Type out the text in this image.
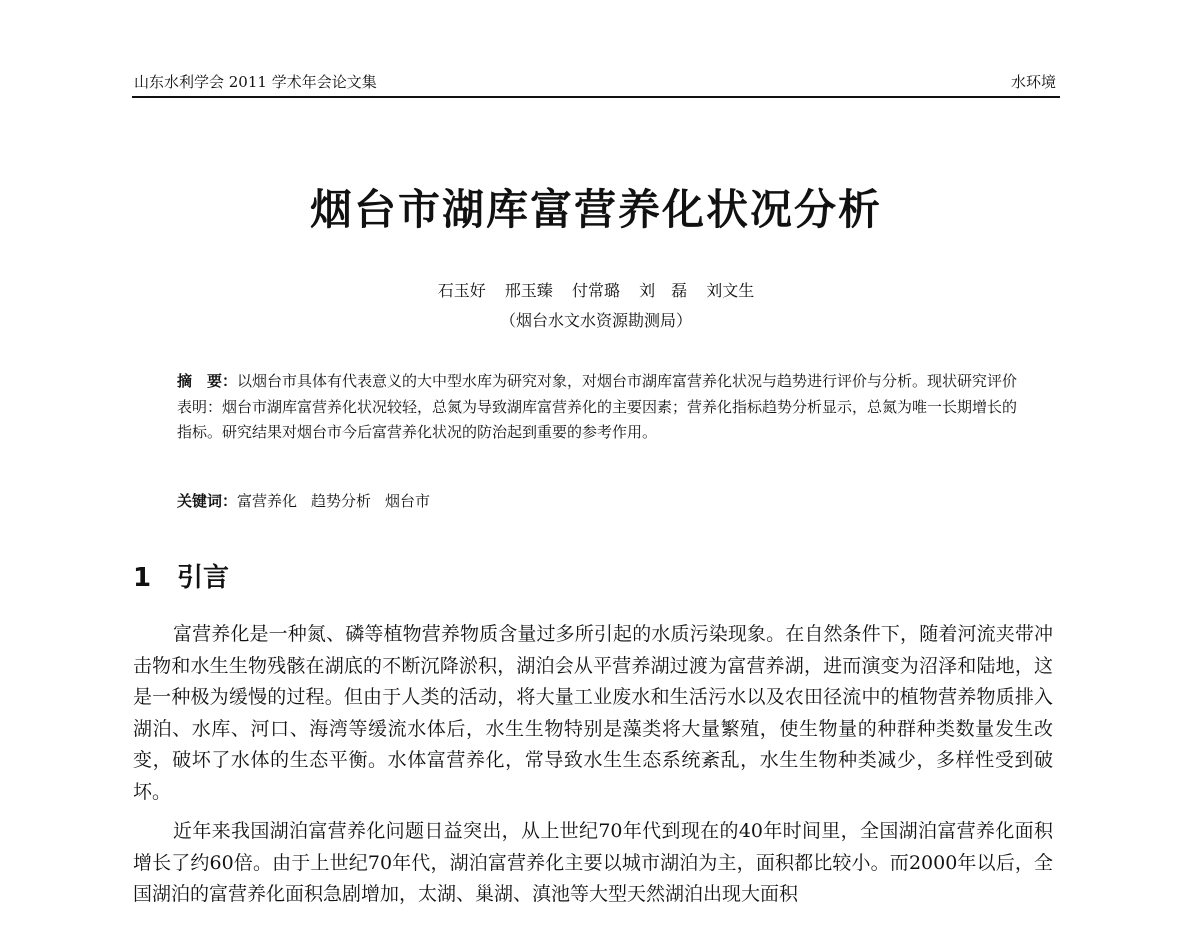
山东水利学会 2011 学术年会论文集	水环境
烟台市湖库富营养化状况分析
石玉好 邢玉臻 付常璐 刘　磊 刘文生
（烟台水文水资源勘测局）
摘　要：以烟台市具体有代表意义的大中型水库为研究对象，对烟台市湖库富营养化状况与趋势进行评价与分析。现状研究评价表明：烟台市湖库富营养化状况较轻，总氮为导致湖库富营养化的主要因素；营养化指标趋势分析显示，总氮为唯一长期增长的指标。研究结果对烟台市今后富营养化状况的防治起到重要的参考作用。
关键词：富营养化 趋势分析 烟台市
1 引言

富营养化是一种氮、磷等植物营养物质含量过多所引起的水质污染现象。在自然条件下，随着河流夹带冲击物和水生生物残骸在湖底的不断沉降淤积，湖泊会从平营养湖过渡为富营养湖，进而演变为沼泽和陆地，这是一种极为缓慢的过程。但由于人类的活动，将大量工业废水和生活污水以及农田径流中的植物营养物质排入湖泊、水库、河口、海湾等缓流水体后，水生生物特别是藻类将大量繁殖，使生物量的种群种类数量发生改变，破坏了水体的生态平衡。水体富营养化，常导致水生生态系统紊乱，水生生物种类减少，多样性受到破坏。

近年来我国湖泊富营养化问题日益突出，从上世纪70年代到现在的40年时间里，全国湖泊富营养化面积增长了约60倍。由于上世纪70年代，湖泊富营养化主要以城市湖泊为主，面积都比较小。而2000年以后，全国湖泊的富营养化面积急剧增加，太湖、巢湖、滇池等大型天然湖泊出现大面积
